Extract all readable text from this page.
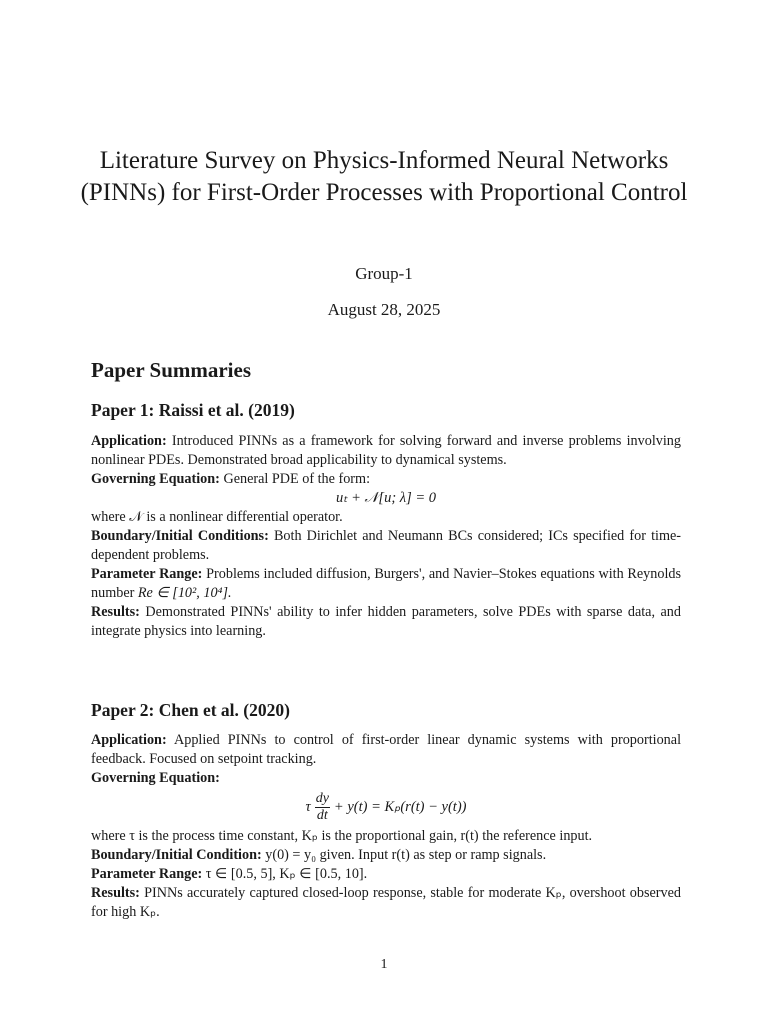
Literature Survey on Physics-Informed Neural Networks (PINNs) for First-Order Processes with Proportional Control
Group-1
August 28, 2025
Paper Summaries
Paper 1: Raissi et al. (2019)

Application: Introduced PINNs as a framework for solving forward and inverse problems involving nonlinear PDEs. Demonstrated broad applicability to dynamical systems.

Governing Equation: General PDE of the form:

uₜ + 𝒩[u; λ] = 0

where 𝒩 is a nonlinear differential operator.

Boundary/Initial Conditions: Both Dirichlet and Neumann BCs considered; ICs specified for time-dependent problems.

Parameter Range: Problems included diffusion, Burgers', and Navier–Stokes equations with Reynolds number Re ∈ [10², 10⁴].

Results: Demonstrated PINNs' ability to infer hidden parameters, solve PDEs with sparse data, and integrate physics into learning.

Paper 2: Chen et al. (2020)

Application: Applied PINNs to control of first-order linear dynamic systems with proportional feedback. Focused on setpoint tracking.

Governing Equation:

τ $\frac{dy}{dt} + y(t) = K_p(r(t) - y(t))$

where τ is the process time constant, Kₚ is the proportional gain, r(t) the reference input.

Boundary/Initial Condition: y(0) = y₀ given. Input r(t) as step or ramp signals.

Parameter Range: τ ∈ [0.5, 5], Kₚ ∈ [0.5, 10].

Results: PINNs accurately captured closed-loop response, stable for moderate Kₚ, overshoot observed for high Kₚ.

1
